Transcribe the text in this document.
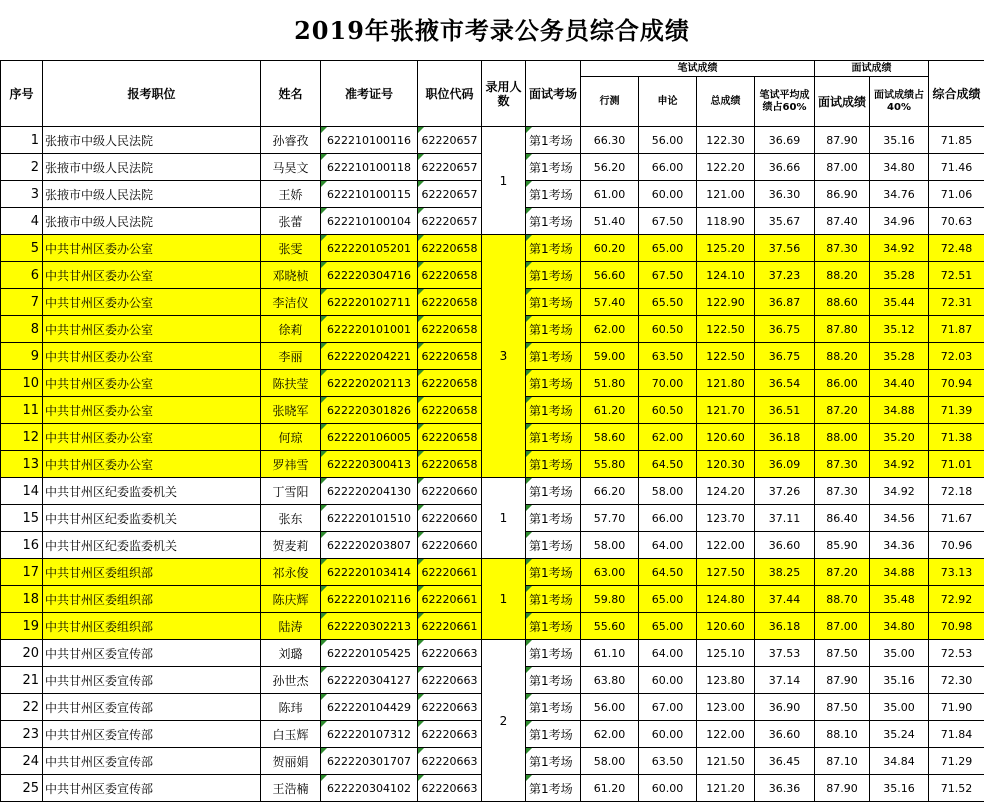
2019年张掖市考录公务员综合成绩
序号	报考职位	姓名	准考证号	职位代码	录用人数	面试考场	笔试成绩				面试成绩		综合成绩
							行测	申论	总成绩	笔试平均成绩占60%	面试成绩	面试成绩占40%	
1	张掖市中级人民法院	孙睿孜	622210100116	62220657	1	第1考场	66.30	56.00	122.30	36.69	87.90	35.16	71.85
2	张掖市中级人民法院	马昊文	622210100118	62220657		第1考场	56.20	66.00	122.20	36.66	87.00	34.80	71.46
3	张掖市中级人民法院	王娇	622210100115	62220657		第1考场	61.00	60.00	121.00	36.30	86.90	34.76	71.06
4	张掖市中级人民法院	张蕾	622210100104	62220657		第1考场	51.40	67.50	118.90	35.67	87.40	34.96	70.63
5	中共甘州区委办公室	张雯	622220105201	62220658	3	第1考场	60.20	65.00	125.20	37.56	87.30	34.92	72.48
6	中共甘州区委办公室	邓晓桢	622220304716	62220658		第1考场	56.60	67.50	124.10	37.23	88.20	35.28	72.51
7	中共甘州区委办公室	李洁仪	622220102711	62220658		第1考场	57.40	65.50	122.90	36.87	88.60	35.44	72.31
8	中共甘州区委办公室	徐莉	622220101001	62220658		第1考场	62.00	60.50	122.50	36.75	87.80	35.12	71.87
9	中共甘州区委办公室	李丽	622220204221	62220658		第1考场	59.00	63.50	122.50	36.75	88.20	35.28	72.03
10	中共甘州区委办公室	陈扶莹	622220202113	62220658		第1考场	51.80	70.00	121.80	36.54	86.00	34.40	70.94
11	中共甘州区委办公室	张晓军	622220301826	62220658		第1考场	61.20	60.50	121.70	36.51	87.20	34.88	71.39
12	中共甘州区委办公室	何琼	622220106005	62220658		第1考场	58.60	62.00	120.60	36.18	88.00	35.20	71.38
13	中共甘州区委办公室	罗祎雪	622220300413	62220658		第1考场	55.80	64.50	120.30	36.09	87.30	34.92	71.01
14	中共甘州区纪委监委机关	丁雪阳	622220204130	62220660	1	第1考场	66.20	58.00	124.20	37.26	87.30	34.92	72.18
15	中共甘州区纪委监委机关	张东	622220101510	62220660		第1考场	57.70	66.00	123.70	37.11	86.40	34.56	71.67
16	中共甘州区纪委监委机关	贺麦莉	622220203807	62220660		第1考场	58.00	64.00	122.00	36.60	85.90	34.36	70.96
17	中共甘州区委组织部	祁永俊	622220103414	62220661	1	第1考场	63.00	64.50	127.50	38.25	87.20	34.88	73.13
18	中共甘州区委组织部	陈庆辉	622220102116	62220661		第1考场	59.80	65.00	124.80	37.44	88.70	35.48	72.92
19	中共甘州区委组织部	陆涛	622220302213	62220661		第1考场	55.60	65.00	120.60	36.18	87.00	34.80	70.98
20	中共甘州区委宣传部	刘璐	622220105425	62220663	2	第1考场	61.10	64.00	125.10	37.53	87.50	35.00	72.53
21	中共甘州区委宣传部	孙世杰	622220304127	62220663		第1考场	63.80	60.00	123.80	37.14	87.90	35.16	72.30
22	中共甘州区委宣传部	陈玮	622220104429	62220663		第1考场	56.00	67.00	123.00	36.90	87.50	35.00	71.90
23	中共甘州区委宣传部	白玉辉	622220107312	62220663		第1考场	62.00	60.00	122.00	36.60	88.10	35.24	71.84
24	中共甘州区委宣传部	贺丽娟	622220301707	62220663		第1考场	58.00	63.50	121.50	36.45	87.10	34.84	71.29
25	中共甘州区委宣传部	王浩楠	622220304102	62220663		第1考场	61.20	60.00	121.20	36.36	87.90	35.16	71.52
